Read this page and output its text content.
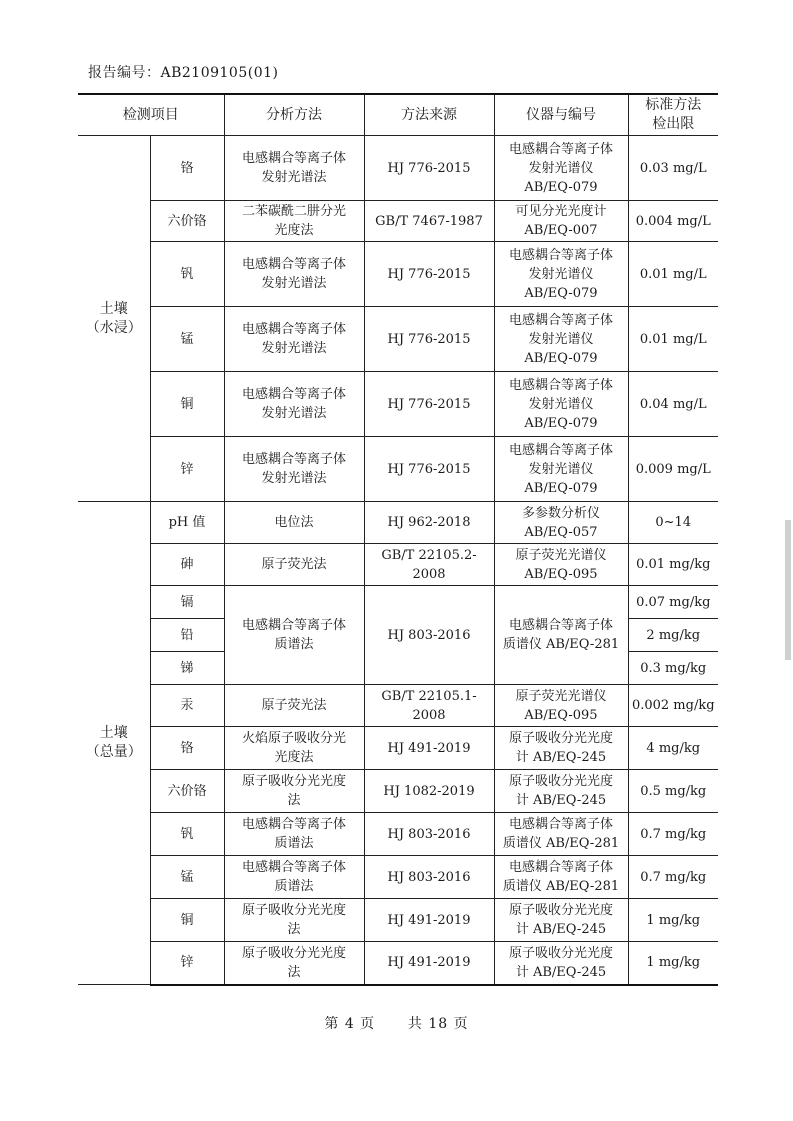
报告编号：AB2109105(01)
检测项目		分析方法	方法来源	仪器与编号	标准方法
检出限
土壤
（水浸）	铬	电感耦合等离子体
发射光谱法	HJ 776-2015	电感耦合等离子体
发射光谱仪
AB/EQ-079	0.03 mg/L
	六价铬	二苯碳酰二肼分光
光度法	GB/T 7467-1987	可见分光光度计
AB/EQ-007	0.004 mg/L
	钒	电感耦合等离子体
发射光谱法	HJ 776-2015	电感耦合等离子体
发射光谱仪
AB/EQ-079	0.01 mg/L
	锰	电感耦合等离子体
发射光谱法	HJ 776-2015	电感耦合等离子体
发射光谱仪
AB/EQ-079	0.01 mg/L
	铜	电感耦合等离子体
发射光谱法	HJ 776-2015	电感耦合等离子体
发射光谱仪
AB/EQ-079	0.04 mg/L
	锌	电感耦合等离子体
发射光谱法	HJ 776-2015	电感耦合等离子体
发射光谱仪
AB/EQ-079	0.009 mg/L
土壤
（总量）	pH 值	电位法	HJ 962-2018	多参数分析仪
AB/EQ-057	0~14
	砷	原子荧光法	GB/T 22105.2-2008	原子荧光光谱仪
AB/EQ-095	0.01 mg/kg
	镉	电感耦合等离子体
质谱法	HJ 803-2016	电感耦合等离子体
质谱仪 AB/EQ-281	0.07 mg/kg
	铅				2 mg/kg
	锑				0.3 mg/kg
	汞	原子荧光法	GB/T 22105.1-2008	原子荧光光谱仪
AB/EQ-095	0.002 mg/kg
	铬	火焰原子吸收分光
光度法	HJ 491-2019	原子吸收分光光度
计 AB/EQ-245	4 mg/kg
	六价铬	原子吸收分光光度
法	HJ 1082-2019	原子吸收分光光度
计 AB/EQ-245	0.5 mg/kg
	钒	电感耦合等离子体
质谱法	HJ 803-2016	电感耦合等离子体
质谱仪 AB/EQ-281	0.7 mg/kg
	锰	电感耦合等离子体
质谱法	HJ 803-2016	电感耦合等离子体
质谱仪 AB/EQ-281	0.7 mg/kg
	铜	原子吸收分光光度
法	HJ 491-2019	原子吸收分光光度
计 AB/EQ-245	1 mg/kg
	锌	原子吸收分光光度
法	HJ 491-2019	原子吸收分光光度
计 AB/EQ-245	1 mg/kg
第 4 页 共 18 页
